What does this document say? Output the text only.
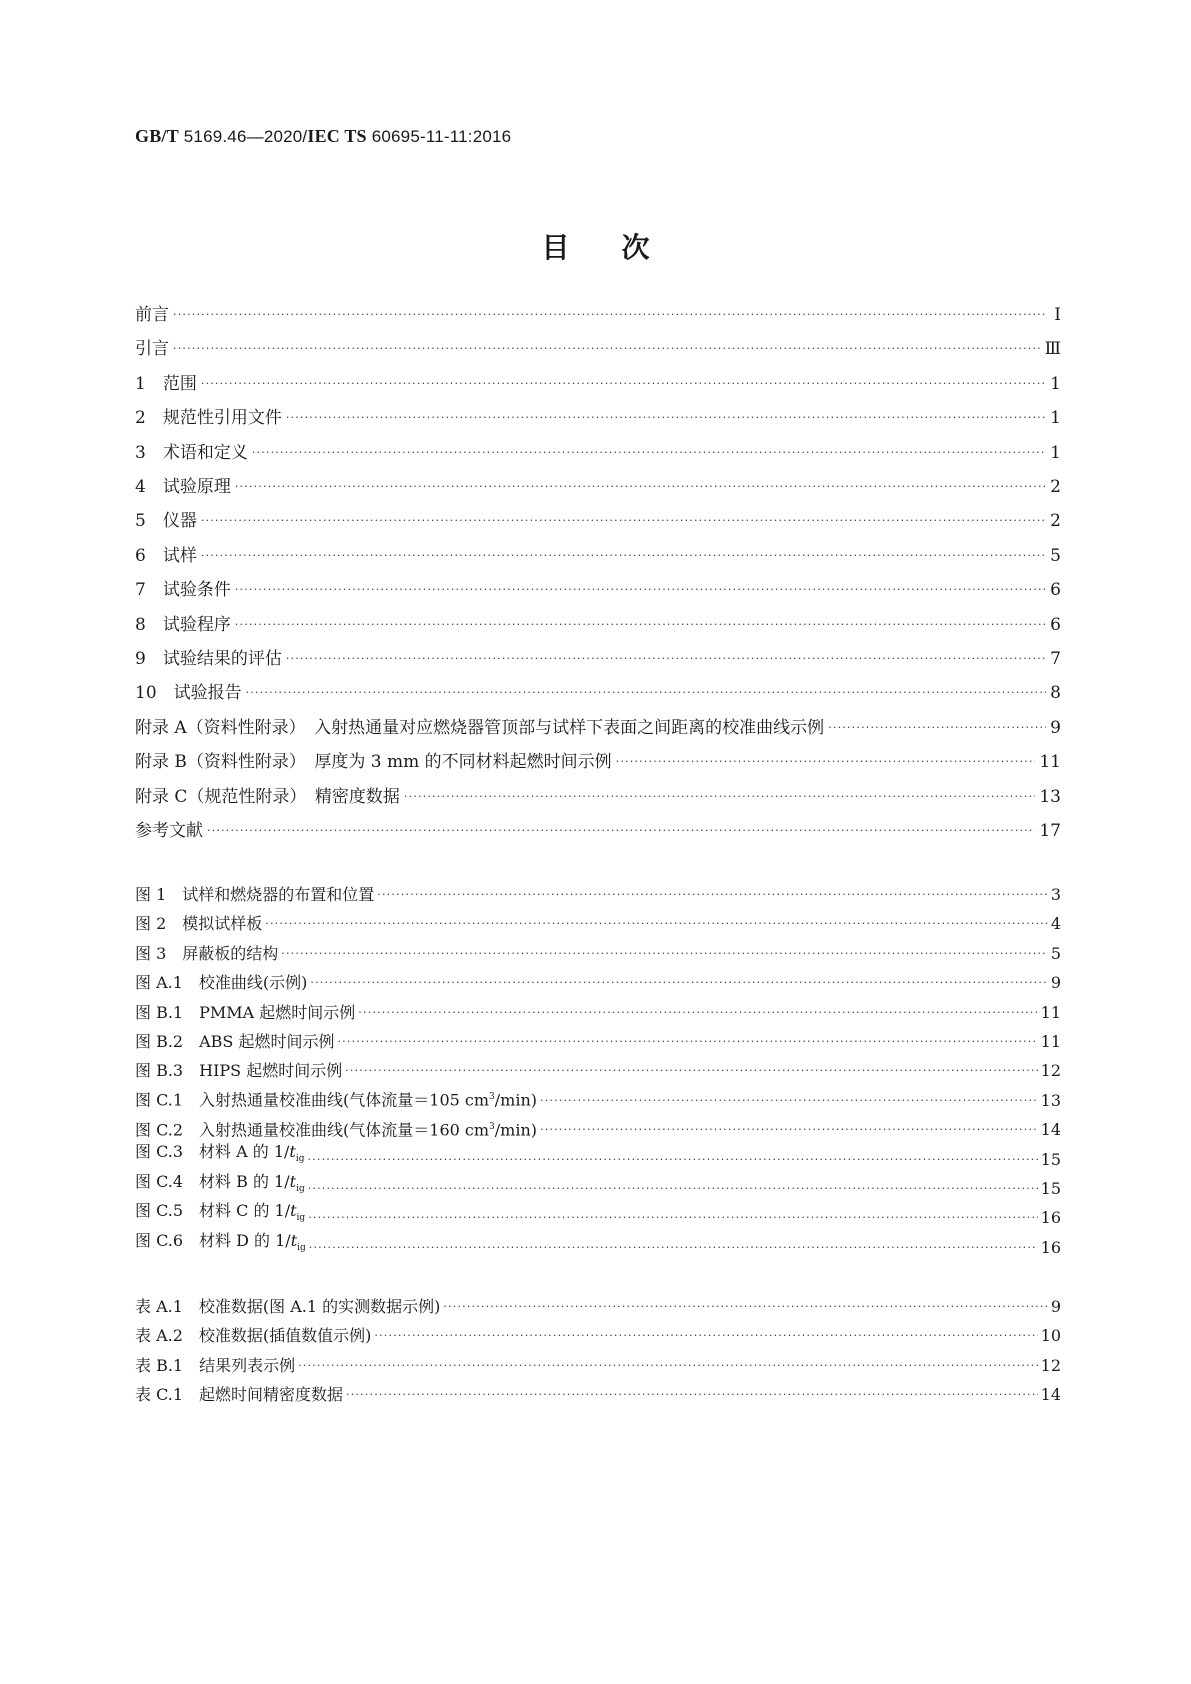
GB/T 5169.46—2020/IEC TS 60695-11-11:2016
目次
前言 ·····	Ⅰ
引言 ·····	Ⅲ
1　范围 ·····	1
2　规范性引用文件 ·····	1
3　术语和定义 ·····	1
4　试验原理 ·····	2
5　仪器 ·····	2
6　试样 ·····	5
7　试验条件 ·····	6
8　试验程序 ·····	6
9　试验结果的评估 ·····	7
10　试验报告 ·····	8
附录 A（资料性附录）　入射热通量对应燃烧器管顶部与试样下表面之间距离的校准曲线示例 ·····	9
附录 B（资料性附录）　厚度为 3 mm 的不同材料起燃时间示例 ·····	11
附录 C（规范性附录）　精密度数据 ·····	13
参考文献 ·····	17
图 1　试样和燃烧器的布置和位置 ·····	3
图 2　模拟试样板 ·····	4
图 3　屏蔽板的结构 ·····	5
图 A.1　校准曲线(示例) ·····	9
图 B.1　PMMA 起燃时间示例 ·····	11
图 B.2　ABS 起燃时间示例 ·····	11
图 B.3　HIPS 起燃时间示例 ·····	12
图 C.1　入射热通量校准曲线(气体流量＝105 $cm^3/\min$) ·····	13
图 C.2　入射热通量校准曲线(气体流量＝160 $cm^3/\min$) ·····	14
图 C.3　材料 A 的 $1/t_{ig}$ ·····	15
图 C.4　材料 B 的 $1/t_{ig}$ ·····	15
图 C.5　材料 C 的 $1/t_{ig}$ ·····	16
图 C.6　材料 D 的 $1/t_{ig}$ ·····	16
表 A.1　校准数据(图 A.1 的实测数据示例) ·····	9
表 A.2　校准数据(插值数值示例) ·····	10
表 B.1　结果列表示例 ·····	12
表 C.1　起燃时间精密度数据 ·····	14
